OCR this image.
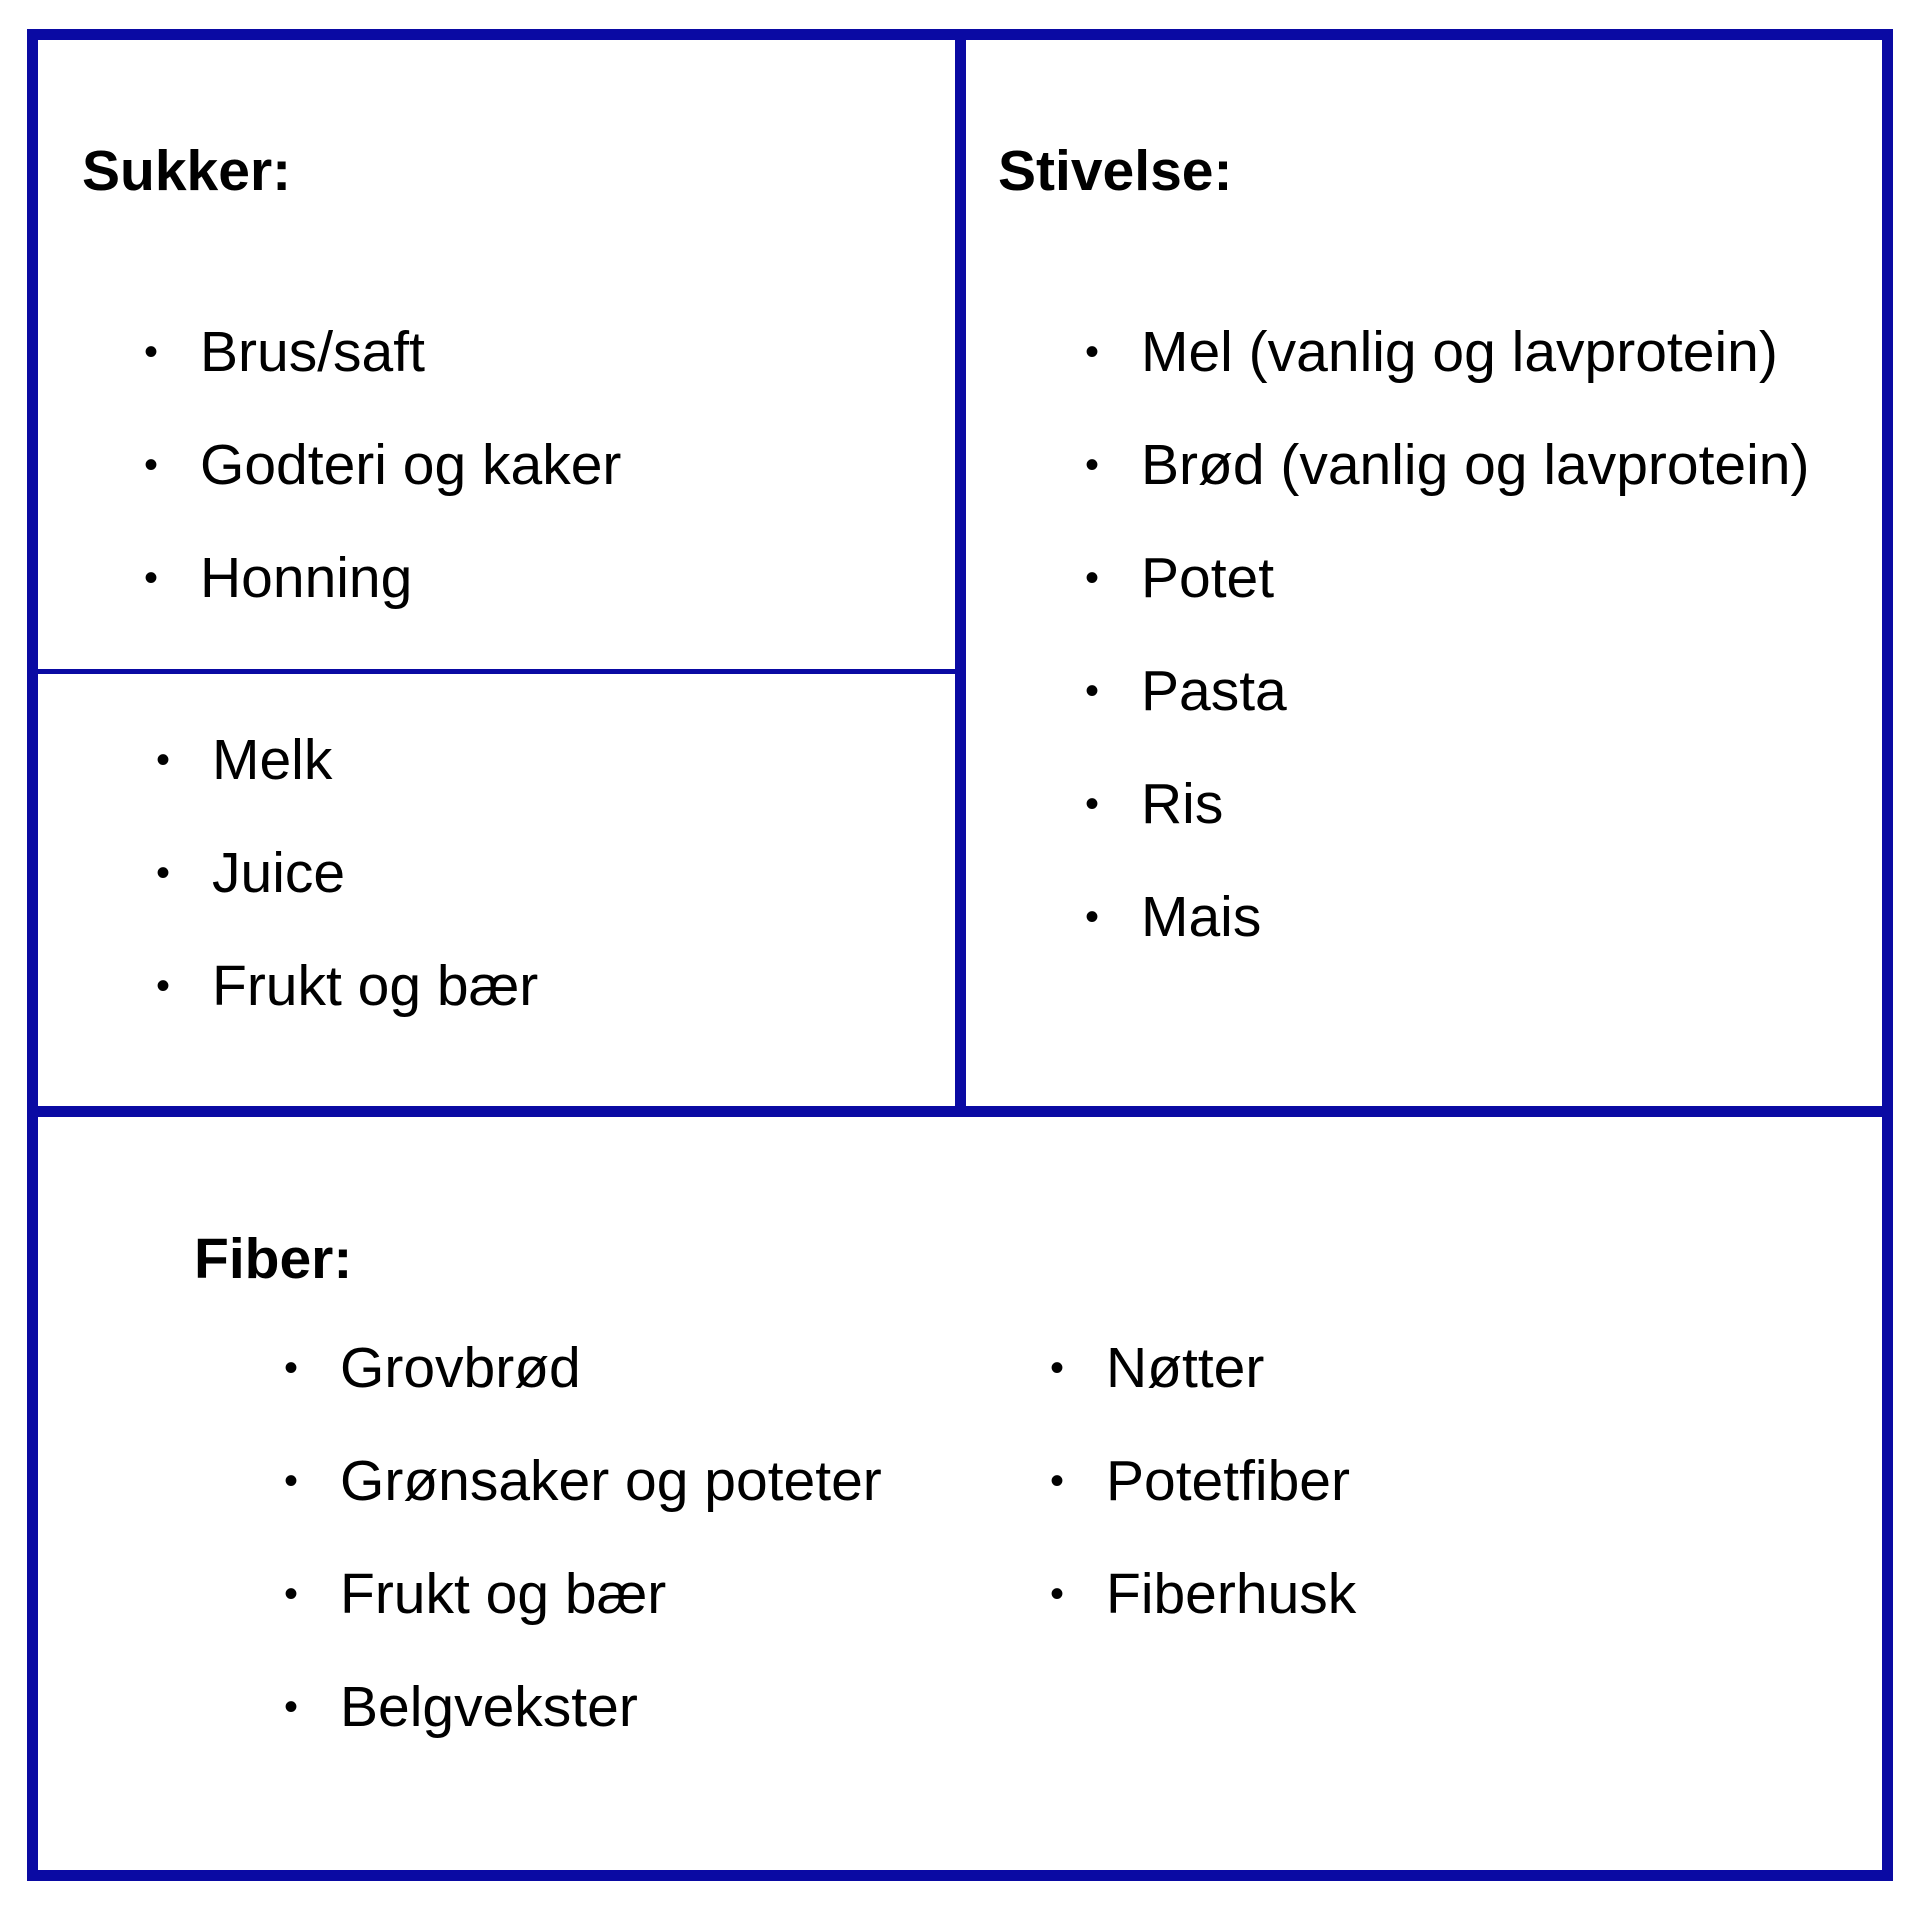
Sukker:
• Brus/saft
• Godteri og kaker
• Honning
• Melk
• Juice
• Frukt og bær
Stivelse:
• Mel (vanlig og lavprotein)
• Brød (vanlig og lavprotein)
• Potet
• Pasta
• Ris
• Mais
Fiber:
• Grovbrød
• Grønsaker og poteter
• Frukt og bær
• Belgvekster
• Nøtter
• Potetfiber
• Fiberhusk
